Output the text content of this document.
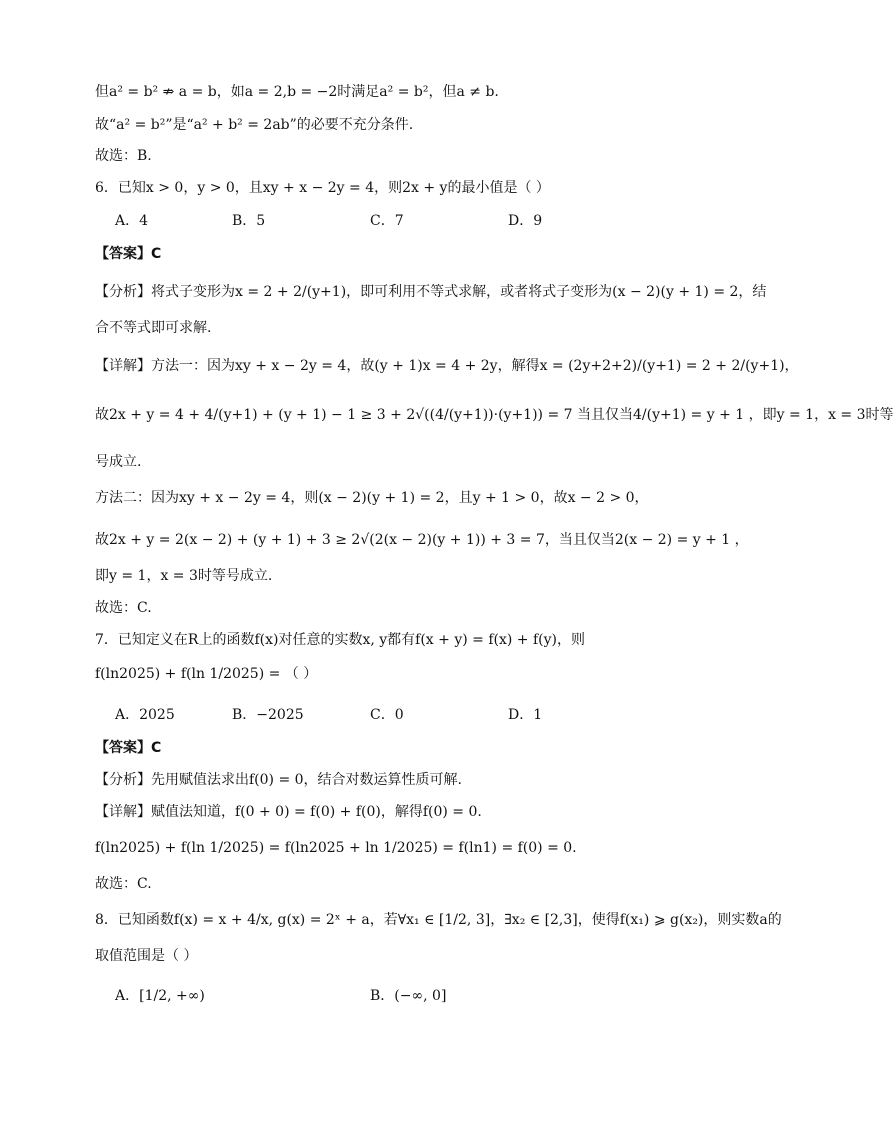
但a² = b² ⇏ a = b，如a = 2,b = −2时满足a² = b²，但a ≠ b.
故“a² = b²”是“a² + b² = 2ab”的必要不充分条件.
故选：B.
6．已知x > 0，y > 0，且xy + x − 2y = 4，则2x + y的最小值是（ ）
A．4	B．5	C．7	D．9
【答案】C
【分析】将式子变形为x = 2 + 2/(y+1)，即可利用不等式求解，或者将式子变形为(x − 2)(y + 1) = 2，结
合不等式即可求解.
【详解】方法一：因为xy + x − 2y = 4，故(y + 1)x = 4 + 2y，解得x = (2y+2+2)/(y+1) = 2 + 2/(y+1)，
故2x + y = 4 + 4/(y+1) + (y + 1) − 1 ≥ 3 + 2√((4/(y+1))·(y+1)) = 7 当且仅当4/(y+1) = y + 1 ，即y = 1，x = 3时等
号成立.
方法二：因为xy + x − 2y = 4，则(x − 2)(y + 1) = 2，且y + 1 > 0，故x − 2 > 0，
故2x + y = 2(x − 2) + (y + 1) + 3 ≥ 2√(2(x − 2)(y + 1)) + 3 = 7，当且仅当2(x − 2) = y + 1 ，
即y = 1，x = 3时等号成立.
故选：C.
7．已知定义在R上的函数f(x)对任意的实数x, y都有f(x + y) = f(x) + f(y)，则
f(ln2025) + f(ln 1/2025) = （ ）
A．2025	B．−2025	C．0	D．1
【答案】C
【分析】先用赋值法求出f(0) = 0，结合对数运算性质可解.
【详解】赋值法知道，f(0 + 0) = f(0) + f(0)，解得f(0) = 0.
f(ln2025) + f(ln 1/2025) = f(ln2025 + ln 1/2025) = f(ln1) = f(0) = 0.
故选：C.
8．已知函数f(x) = x + 4/x, g(x) = 2ˣ + a，若∀x₁ ∈ [1/2, 3]，∃x₂ ∈ [2,3]，使得f(x₁) ⩾ g(x₂)，则实数a的
取值范围是（ ）
A．[1/2, +∞)	B．(−∞, 0]
